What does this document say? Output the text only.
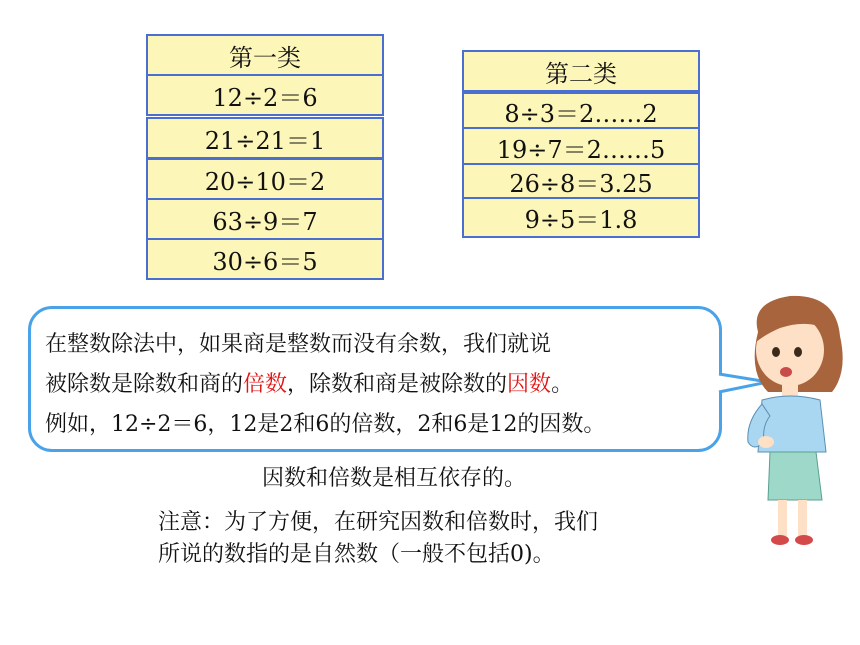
第一类
12÷2＝6
21÷21＝1
20÷10＝2
63÷9＝7
30÷6＝5
第二类
8÷3＝2……2
19÷7＝2……5
26÷8＝3.25
9÷5＝1.8
在整数除法中，如果商是整数而没有余数，我们就说
被除数是除数和商的倍数，除数和商是被除数的因数。
例如，12÷2＝6，12是2和6的倍数，2和6是12的因数。
因数和倍数是相互依存的。
注意：为了方便，在研究因数和倍数时，我们
所说的数指的是自然数（一般不包括0)。
